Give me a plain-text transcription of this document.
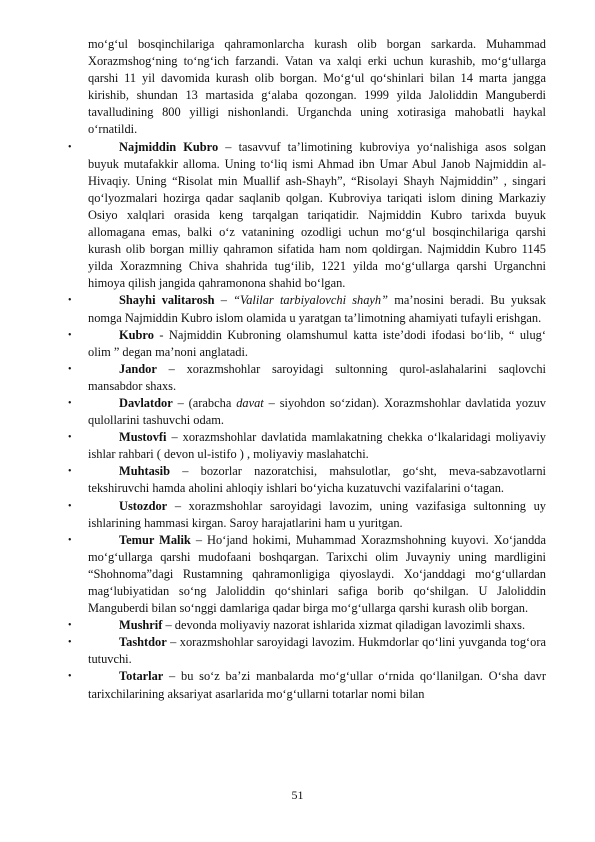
mo‘g‘ul bosqinchilariga qahramonlarcha kurash olib borgan sarkarda. Muhammad Xorazmshog‘ning to‘ng‘ich farzandi. Vatan va xalqi erki uchun kurashib, mo‘g‘ullarga qarshi 11 yil davomida kurash olib borgan. Mo‘g‘ul qo‘shinlari bilan 14 marta jangga kirishib, shundan 13 martasida g‘alaba qozongan. 1999 yilda Jaloliddin Manguberdi tavalludining 800 yilligi nishonlandi. Urganchda uning xotirasiga mahobatli haykal o‘rnatildi.

•	Najmiddin Kubro – tasavvuf ta’limotining kubroviya yo‘nalishiga asos solgan buyuk mutafakkir alloma. Uning to‘liq ismi Ahmad ibn Umar Abul Janob Najmiddin al-Hivaqiy. Uning “Risolat min Muallif ash-Shayh”, “Risolayi Shayh Najmiddin” , singari qo‘lyozmalari hozirga qadar saqlanib qolgan. Kubroviya tariqati islom dining Markaziy Osiyo xalqlari orasida keng tarqalgan tariqatidir. Najmiddin Kubro tarixda buyuk allomagana emas, balki o‘z vatanining ozodligi uchun mo‘g‘ul bosqinchilariga qarshi kurash olib borgan milliy qahramon sifatida ham nom qoldirgan. Najmiddin Kubro 1145 yilda Xorazmning Chiva shahrida tug‘ilib, 1221 yilda mo‘g‘ullarga qarshi Urganchni himoya qilish jangida qahramonona shahid bo‘lgan.

•	Shayhi valitarosh – “Valilar tarbiyalovchi shayh” ma’nosini beradi. Bu yuksak nomga Najmiddin Kubro islom olamida u yaratgan ta’limotning ahamiyati tufayli erishgan.

•	Kubro - Najmiddin Kubroning olamshumul katta iste’dodi ifodasi bo‘lib, “ ulug‘ olim ” degan ma’noni anglatadi.

•	Jandor – xorazmshohlar saroyidagi sultonning qurol-aslahalarini saqlovchi mansabdor shaxs.

•	Davlatdor – (arabcha davat – siyohdon so‘zidan). Xorazmshohlar davlatida yozuv qulollarini tashuvchi odam.

•	Mustovfi – xorazmshohlar davlatida mamlakatning chekka o‘lkalaridagi moliyaviy ishlar rahbari ( devon ul-istifo ) , moliyaviy maslahatchi.

•	Muhtasib – bozorlar nazoratchisi, mahsulotlar, go‘sht, meva-sabzavotlarni tekshiruvchi hamda aholini ahloqiy ishlari bo‘yicha kuzatuvchi vazifalarini o‘tagan.

•	Ustozdor – xorazmshohlar saroyidagi lavozim, uning vazifasiga sultonning uy ishlarining hammasi kirgan. Saroy harajatlarini ham u yuritgan.

•	Temur Malik – Ho‘jand hokimi, Muhammad Xorazmshohning kuyovi. Xo‘jandda mo‘g‘ullarga qarshi mudofaani boshqargan. Tarixchi olim Juvayniy uning mardligini “Shohnoma”dagi Rustamning qahramonligiga qiyoslaydi. Xo‘janddagi mo‘g‘ullardan mag‘lubiyatidan so‘ng Jaloliddin qo‘shinlari safiga borib qo‘shilgan. U Jaloliddin Manguberdi bilan so‘nggi damlariga qadar birga mo‘g‘ullarga qarshi kurash olib borgan.

•	Mushrif – devonda moliyaviy nazorat ishlarida xizmat qiladigan lavozimli shaxs.

•	Tashtdor – xorazmshohlar saroyidagi lavozim. Hukmdorlar qo‘lini yuvganda tog‘ora tutuvchi.

•	Totarlar – bu so‘z ba’zi manbalarda mo‘g‘ullar o‘rnida qo‘llanilgan. O‘sha davr tarixchilarining aksariyat asarlarida mo‘g‘ullarni totarlar nomi bilan

51
